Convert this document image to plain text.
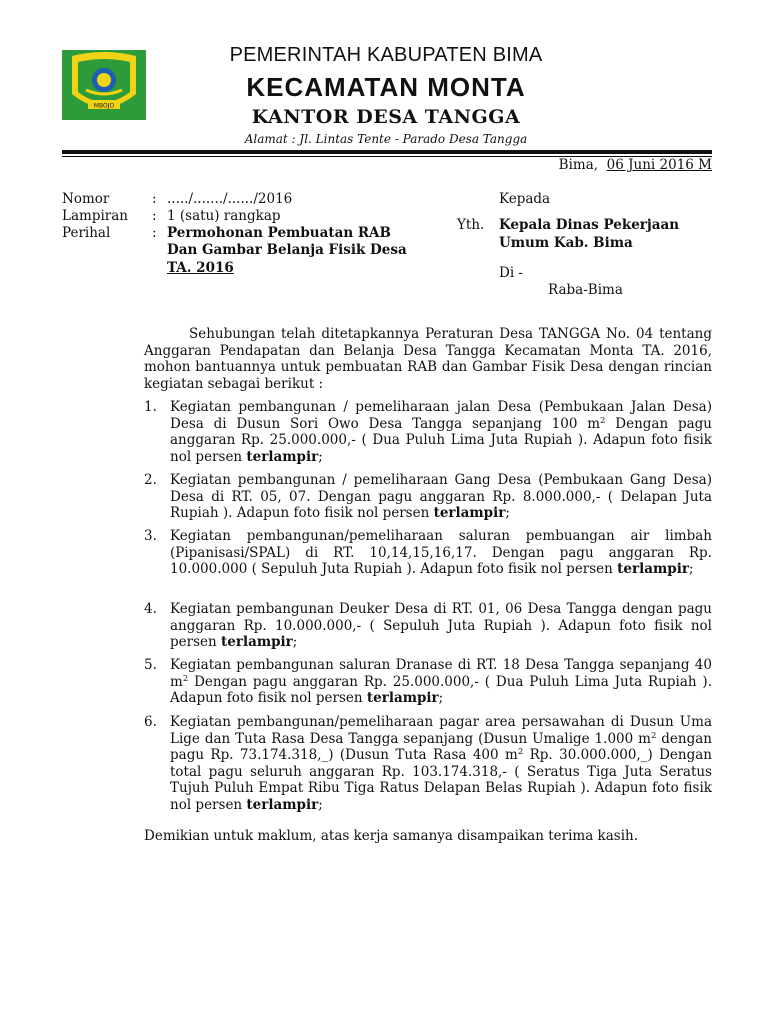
MBOJO
PEMERINTAH KABUPATEN BIMA
KECAMATAN MONTA
KANTOR DESA TANGGA
Alamat : Jl. Lintas Tente - Parado Desa Tangga
Bima, 06 Juni 2016 M
Nomor	: ...../......./....../2016
Lampiran	: 1 (satu) rangkap
Perihal	: Permohonan Pembuatan RAB
Dan Gambar Belanja Fisik Desa
TA. 2016
Kepada
Yth. Kepala Dinas Pekerjaan
Umum Kab. Bima
Di -
Raba-Bima
Sehubungan telah ditetapkannya Peraturan Desa TANGGA No. 04 tentang Anggaran Pendapatan dan Belanja Desa Tangga Kecamatan Monta TA. 2016, mohon bantuannya untuk pembuatan RAB dan Gambar Fisik Desa dengan rincian kegiatan sebagai berikut :
1. Kegiatan pembangunan / pemeliharaan jalan Desa (Pembukaan Jalan Desa) Desa di Dusun Sori Owo Desa Tangga sepanjang 100 $m^2$ Dengan pagu anggaran Rp. 25.000.000,- ( Dua Puluh Lima Juta Rupiah ). Adapun foto fisik nol persen terlampir;
2. Kegiatan pembangunan / pemeliharaan Gang Desa (Pembukaan Gang Desa) Desa di RT. 05, 07. Dengan pagu anggaran Rp. 8.000.000,- ( Delapan Juta Rupiah ). Adapun foto fisik nol persen terlampir;
3. Kegiatan pembangunan/pemeliharaan saluran pembuangan air limbah (Pipanisasi/SPAL) di RT. 10,14,15,16,17. Dengan pagu anggaran Rp. 10.000.000 ( Sepuluh Juta Rupiah ). Adapun foto fisik nol persen terlampir;
4. Kegiatan pembangunan Deuker Desa di RT. 01, 06 Desa Tangga dengan pagu anggaran Rp. 10.000.000,- ( Sepuluh Juta Rupiah ). Adapun foto fisik nol persen terlampir;
5. Kegiatan pembangunan saluran Dranase di RT. 18 Desa Tangga sepanjang 40 $m^2$ Dengan pagu anggaran Rp. 25.000.000,- ( Dua Puluh Lima Juta Rupiah ). Adapun foto fisik nol persen terlampir;
6. Kegiatan pembangunan/pemeliharaan pagar area persawahan di Dusun Uma Lige dan Tuta Rasa Desa Tangga sepanjang (Dusun Umalige 1.000 $m^2$ dengan pagu Rp. 73.174.318,_) (Dusun Tuta Rasa 400 $m^2$ Rp. 30.000.000,_) Dengan total pagu seluruh anggaran Rp. 103.174.318,- ( Seratus Tiga Juta Seratus Tujuh Puluh Empat Ribu Tiga Ratus Delapan Belas Rupiah ). Adapun foto fisik nol persen terlampir;
Demikian untuk maklum, atas kerja samanya disampaikan terima kasih.
